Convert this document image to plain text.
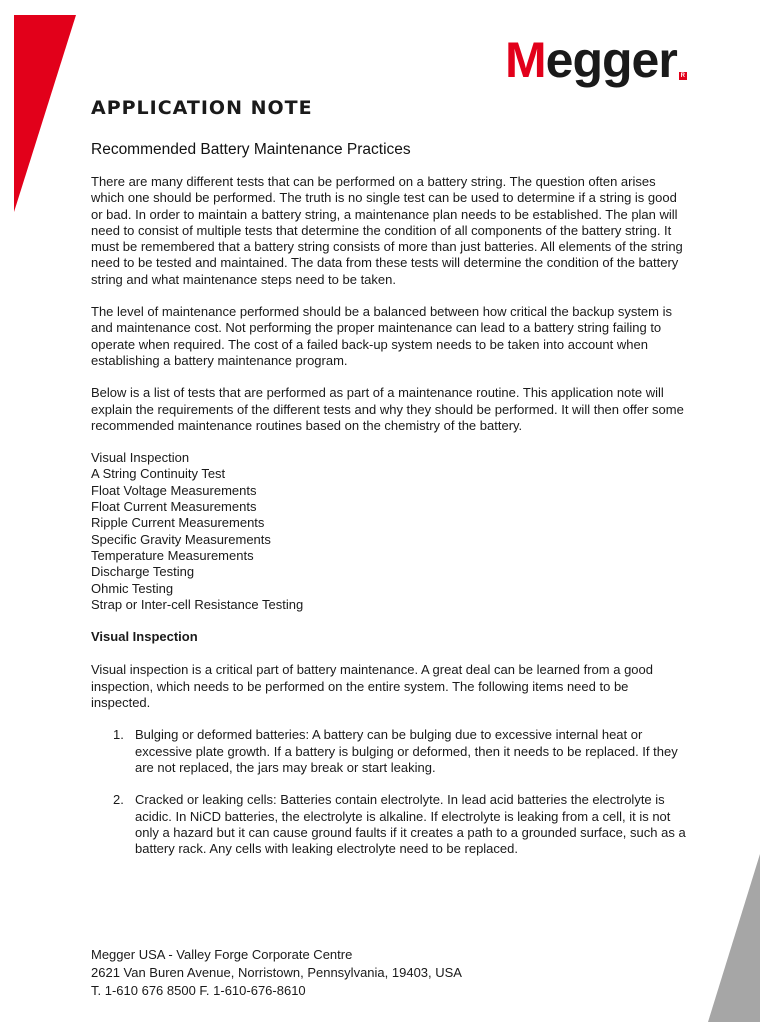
Megger R
APPLICATION NOTE
Recommended Battery Maintenance Practices

There are many different tests that can be performed on a battery string. The question often arises which one should be performed. The truth is no single test can be used to determine if a string is good or bad. In order to maintain a battery string, a maintenance plan needs to be established. The plan will need to consist of multiple tests that determine the condition of all components of the battery string. It must be remembered that a battery string consists of more than just batteries. All elements of the string need to be tested and maintained. The data from these tests will determine the condition of the battery string and what maintenance steps need to be taken.

The level of maintenance performed should be a balanced between how critical the backup system is and maintenance cost. Not performing the proper maintenance can lead to a battery string failing to operate when required. The cost of a failed back-up system needs to be taken into account when establishing a battery maintenance program.

Below is a list of tests that are performed as part of a maintenance routine. This application note will explain the requirements of the different tests and why they should be performed. It will then offer some recommended maintenance routines based on the chemistry of the battery.

Visual Inspection
A String Continuity Test
Float Voltage Measurements
Float Current Measurements
Ripple Current Measurements
Specific Gravity Measurements
Temperature Measurements
Discharge Testing
Ohmic Testing
Strap or Inter-cell Resistance Testing
Visual Inspection

Visual inspection is a critical part of battery maintenance. A great deal can be learned from a good inspection, which needs to be performed on the entire system. The following items need to be inspected.

1. Bulging or deformed batteries: A battery can be bulging due to excessive internal heat or excessive plate growth. If a battery is bulging or deformed, then it needs to be replaced. If they are not replaced, the jars may break or start leaking.
2. Cracked or leaking cells: Batteries contain electrolyte. In lead acid batteries the electrolyte is acidic. In NiCD batteries, the electrolyte is alkaline. If electrolyte is leaking from a cell, it is not only a hazard but it can cause ground faults if it creates a path to a grounded surface, such as a battery rack. Any cells with leaking electrolyte need to be replaced.
Megger USA - Valley Forge Corporate Centre
2621 Van Buren Avenue, Norristown, Pennsylvania, 19403, USA
T. 1-610 676 8500 F. 1-610-676-8610
